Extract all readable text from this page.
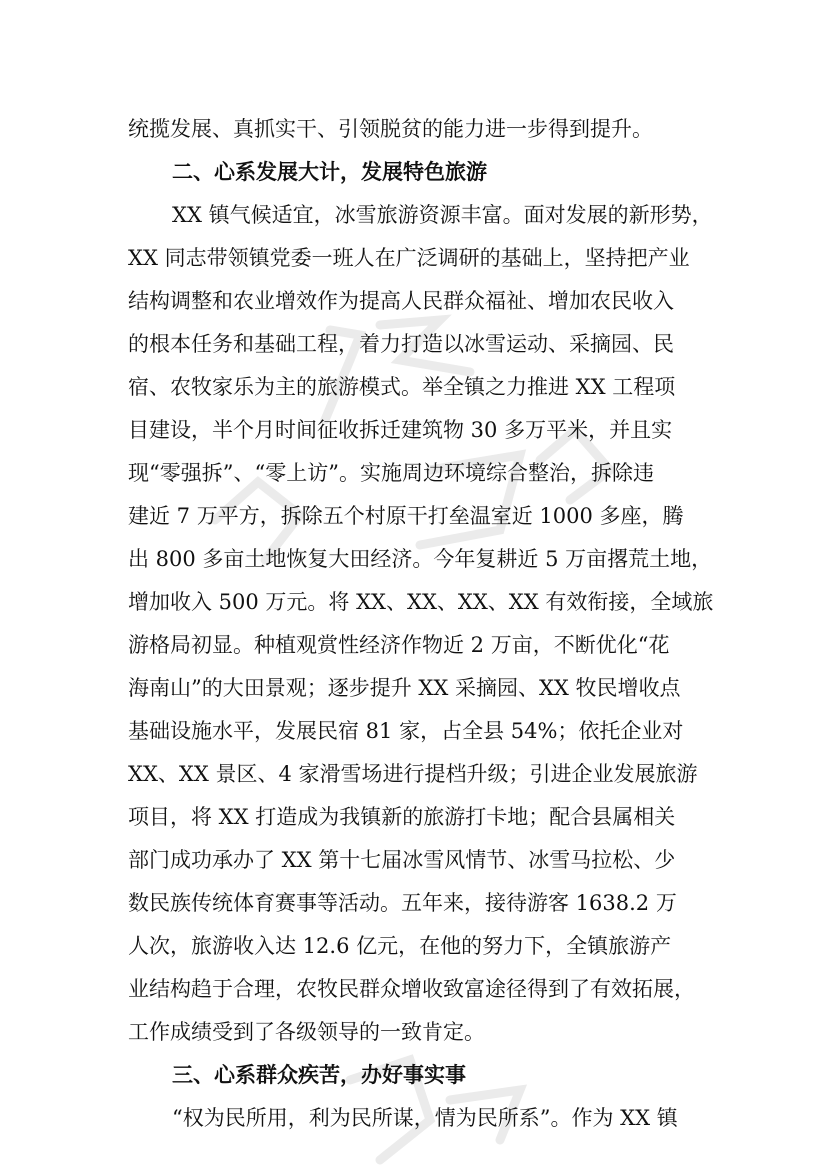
统揽发展、真抓实干、引领脱贫的能力进一步得到提升。
二、心系发展大计，发展特色旅游
XX 镇气候适宜，冰雪旅游资源丰富。面对发展的新形势，
XX 同志带领镇党委一班人在广泛调研的基础上，坚持把产业
结构调整和农业增效作为提高人民群众福祉、增加农民收入
的根本任务和基础工程，着力打造以冰雪运动、采摘园、民
宿、农牧家乐为主的旅游模式。举全镇之力推进 XX 工程项
目建设，半个月时间征收拆迁建筑物 30 多万平米，并且实
现“零强拆”、“零上访”。实施周边环境综合整治，拆除违
建近 7 万平方，拆除五个村原干打垒温室近 1000 多座，腾
出 800 多亩土地恢复大田经济。今年复耕近 5 万亩撂荒土地，
增加收入 500 万元。将 XX、XX、XX、XX 有效衔接，全域旅
游格局初显。种植观赏性经济作物近 2 万亩，不断优化“花
海南山”的大田景观；逐步提升 XX 采摘园、XX 牧民增收点
基础设施水平，发展民宿 81 家，占全县 54%；依托企业对
XX、XX 景区、4 家滑雪场进行提档升级；引进企业发展旅游
项目，将 XX 打造成为我镇新的旅游打卡地；配合县属相关
部门成功承办了 XX 第十七届冰雪风情节、冰雪马拉松、少
数民族传统体育赛事等活动。五年来，接待游客 1638.2 万
人次，旅游收入达 12.6 亿元，在他的努力下，全镇旅游产
业结构趋于合理，农牧民群众增收致富途径得到了有效拓展，
工作成绩受到了各级领导的一致肯定。
三、心系群众疾苦，办好事实事
“权为民所用，利为民所谋，情为民所系”。作为 XX 镇
